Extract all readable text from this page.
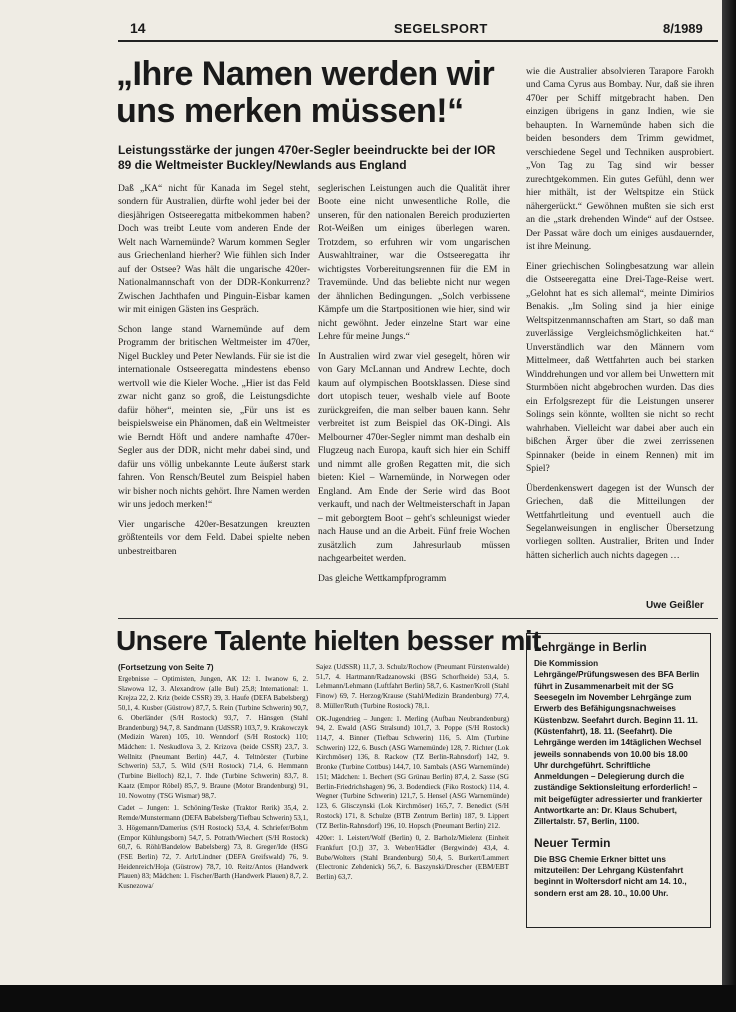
14	SEGELSPORT	8/1989
„Ihre Namen werden wir uns merken müssen!“
Leistungsstärke der jungen 470er-Segler beeindruckte bei der IOR 89 die Weltmeister Buckley/Newlands aus England

Daß „KA“ nicht für Kanada im Segel steht, sondern für Australien, dürfte wohl jeder bei der diesjährigen Ostseeregatta mitbekommen haben? Doch was treibt Leute vom anderen Ende der Welt nach Warnemünde? Warum kommen Segler aus Griechenland hierher? Wie fühlen sich Inder auf der Ostsee? Was hält die ungarische 420er-Nationalmannschaft von der DDR-Konkurrenz? Zwischen Jachthafen und Pinguin-Eisbar kamen wir mit einigen Gästen ins Gespräch.

Schon lange stand Warnemünde auf dem Programm der britischen Weltmeister im 470er, Nigel Buckley und Peter Newlands. Für sie ist die internationale Ostseeregatta mindestens ebenso wertvoll wie die Kieler Woche. „Hier ist das Feld zwar nicht ganz so groß, die Leistungsdichte dafür höher“, meinten sie, „Für uns ist es beispielsweise ein Phänomen, daß ein Weltmeister wie Berndt Höft und andere namhafte 470er-Segler aus der DDR, nicht mehr dabei sind, und dafür uns völlig unbekannte Leute äußerst stark fahren. Von Rensch/Beutel zum Beispiel haben wir bisher noch nichts gehört. Ihre Namen werden wir uns jedoch merken!“

Vier ungarische 420er-Besatzungen kreuzten größtenteils vor dem Feld. Dabei spielte neben unbestreitbaren

seglerischen Leistungen auch die Qualität ihrer Boote eine nicht unwesentliche Rolle, die unseren, für den nationalen Bereich produzierten Rot-Weißen um einiges überlegen waren. Trotzdem, so erfuhren wir vom ungarischen Auswahltrainer, war die Ostseeregatta ihr wichtigstes Vorbereitungsrennen für die EM in Travemünde. Und das beliebte nicht nur wegen der ähnlichen Bedingungen. „Solch verbissene Kämpfe um die Startpositionen wie hier, sind wir nicht gewöhnt. Jeder einzelne Start war eine Lehre für meine Jungs.“

In Australien wird zwar viel gesegelt, hören wir von Gary McLannan und Andrew Lechte, doch kaum auf olympischen Bootsklassen. Diese sind dort utopisch teuer, weshalb viele auf Boote zurückgreifen, die man selber bauen kann. Sehr verbreitet ist zum Beispiel das OK-Dingi. Als Melbourner 470er-Segler nimmt man deshalb ein Flugzeug nach Europa, kauft sich hier ein Schiff und nimmt alle großen Regatten mit, die sich bieten: Kiel – Warnemünde, in Norwegen oder England. Am Ende der Serie wird das Boot verkauft, und nach der Weltmeisterschaft in Japan – mit geborgtem Boot – geht's schleunigst wieder nach Hause und an die Arbeit. Fünf freie Wochen zusätzlich zum Jahresurlaub müssen nachgearbeitet werden.

Das gleiche Wettkampfprogramm

wie die Australier absolvieren Tarapore Farokh und Cama Cyrus aus Bombay. Nur, daß sie ihren 470er per Schiff mitgebracht haben. Den einzigen übrigens in ganz Indien, wie sie behaupten. In Warnemünde haben sich die beiden besonders dem Trimm gewidmet, verschiedene Segel und Techniken ausprobiert. „Von Tag zu Tag sind wir besser zurechtgekommen. Ein gutes Gefühl, denn wer hier mithält, ist der Weltspitze ein Stück nähergerückt.“ Gewöhnen mußten sie sich erst an die „stark drehenden Winde“ auf der Ostsee. Der Passat wäre doch um einiges ausdauernder, ist ihre Meinung.

Einer griechischen Solingbesatzung war allein die Ostseeregatta eine Drei-Tage-Reise wert. „Gelohnt hat es sich allemal“, meinte Dimirios Benakis. „Im Soling sind ja hier einige Weltspitzenmannschaften am Start, so daß man zuverlässige Vergleichsmöglichkeiten hat.“ Unverständlich war den Männern vom Mittelmeer, daß Wettfahrten auch bei starken Winddrehungen und vor allem bei Unwettern mit Sturmböen nicht abgebrochen wurden. Das dies ein Erfolgsrezept für die Leistungen unserer Solings sein könnte, wollten sie nicht so recht wahrhaben. Vielleicht war dabei aber auch ein bißchen Ärger über die zwei zerrissenen Spinnaker (beide in einem Rennen) mit im Spiel?

Überdenkenswert dagegen ist der Wunsch der Griechen, daß die Mitteilungen der Wettfahrtleitung und eventuell auch die Segelanweisungen in englischer Übersetzung vorliegen sollten. Australier, Briten und Inder hätten sicherlich auch nichts dagegen …

Uwe Geißler
Unsere Talente hielten besser mit
(Fortsetzung von Seite 7)

Ergebnisse – Optimisten, Jungen, AK 12: 1. Iwanow 6, 2. Slawowa 12, 3. Alexandrow (alle Bul) 25,8; International: 1. Krejza 22, 2. Kriz (beide CSSR) 39, 3. Haufe (DEFA Babelsberg) 50,1, 4. Kusber (Güstrow) 87,7, 5. Rein (Turbine Schwerin) 90,7, 6. Oberländer (S/H Rostock) 93,7, 7. Hänsgen (Stahl Brandenburg) 94,7, 8. Sandmann (UdSSR) 103,7, 9. Krakowczyk (Medizin Waren) 105, 10. Wenndorf (S/H Rostock) 110; Mädchen: 1. Neskudlova 3, 2. Krizova (beide CSSR) 23,7, 3. Wellnitz (Pneumant Berlin) 44,7, 4. Teltnörster (Turbine Schwerin) 53,7, 5. Wild (S/H Rostock) 71,4, 6. Hemmann (Turbine Bielloch) 82,1, 7. Ihde (Turbine Schwerin) 83,7, 8. Kaatz (Empor Röbel) 85,7, 9. Braune (Motor Brandenburg) 91, 10. Nowotny (TSG Wismar) 98,7.

Cadet – Jungen: 1. Schöning/Teske (Traktor Rerik) 35,4, 2. Remde/Munstermann (DEFA Babelsberg/Tiefbau Schwerin) 53,1, 3. Högemann/Damerius (S/H Rostock) 53,4, 4. Schriefer/Bohm (Empor Kühlungsborn) 54,7, 5. Potrath/Wiechert (S/H Rostock) 60,7, 6. Röhl/Bandelow Babelsberg) 73, 8. Greger/Ide (HSG (FSE Berlin) 72, 7. Arlt/Lindner (DEFA Greifswald) 76, 9. Heidenreich/Hoja (Güstrow) 78,7, 10. Reitz/Antos (Handwerk Plauen) 83; Mädchen: 1. Fischer/Barth (Handwerk Plauen) 8,7, 2. Kusnezowa/

Sajez (UdSSR) 11,7, 3. Schulz/Rochow (Pneumant Fürstenwalde) 51,7, 4. Hartmann/Radzanowski (BSG Schorfheide) 53,4, 5. Lehmann/Lehmann (Luftfahrt Berlin) 58,7, 6. Kastner/Kroll (Stahl Finow) 69, 7. Herzog/Krause (Stahl/Medizin Brandenburg) 77,4, 8. Müller/Ruth (Turbine Rostock) 78,1.

OK-Jugendrieg – Jungen: 1. Merling (Aufbau Neubrandenburg) 94, 2. Ewald (ASG Stralsund) 101,7, 3. Poppe (S/H Rostock) 114,7, 4. Binner (Tiefbau Schwerin) 116, 5. Alm (Turbine Schwerin) 122, 6. Busch (ASG Warnemünde) 128, 7. Richter (Lok Kirchmöser) 136, 8. Rackow (TZ Berlin-Rahnsdorf) 142, 9. Bronke (Turbine Cottbus) 144,7, 10. Sambals (ASG Warnemünde) 151; Mädchen: 1. Bechert (SG Grünau Berlin) 87,4, 2. Sasse (SG Berlin-Friedrichshagen) 96, 3. Bodendieck (Fiko Rostock) 114, 4. Wegner (Turbine Schwerin) 121,7, 5. Hensel (ASG Warnemünde) 123, 6. Glisczynski (Lok Kirchmöser) 165,7, 7. Benedict (S/H Rostock) 171, 8. Schulze (BTB Zentrum Berlin) 187, 9. Lippert (TZ Berlin-Rahnsdorf) 196, 10. Hopsch (Pneumant Berlin) 212.

420er: 1. Leistert/Wolf (Berlin) 0, 2. Barholz/Mielenz (Einheit Frankfurt [O.]) 37, 3. Weber/Hädler (Bergwinde) 43,4, 4. Bube/Wolters (Stahl Brandenburg) 50,4, 5. Burkert/Lammert (Electronic Zehdenick) 56,7, 6. Baszynski/Drescher (EBM/EBT Berlin) 63,7.

Lehrgänge in Berlin

Die Kommission Lehrgänge/Prüfungswesen des BFA Berlin führt in Zusammenarbeit mit der SG Seesegeln im November Lehrgänge zum Erwerb des Befähigungsnachweises Küstenbzw. Seefahrt durch. Beginn 11. 11. (Küstenfahrt), 18. 11. (Seefahrt). Die Lehrgänge werden im 14täglichen Wechsel jeweils sonnabends von 10.00 bis 18.00 Uhr durchgeführt. Schriftliche Anmeldungen – Delegierung durch die zuständige Sektionsleitung erforderlich! – mit beigefügter adressierter und frankierter Antwortkarte an: Dr. Klaus Schubert, Zillertalstr. 57, Berlin, 1100.

Neuer Termin

Die BSG Chemie Erkner bittet uns mitzuteilen: Der Lehrgang Küstenfahrt beginnt in Woltersdorf nicht am 14. 10., sondern erst am 28. 10., 10.00 Uhr.
